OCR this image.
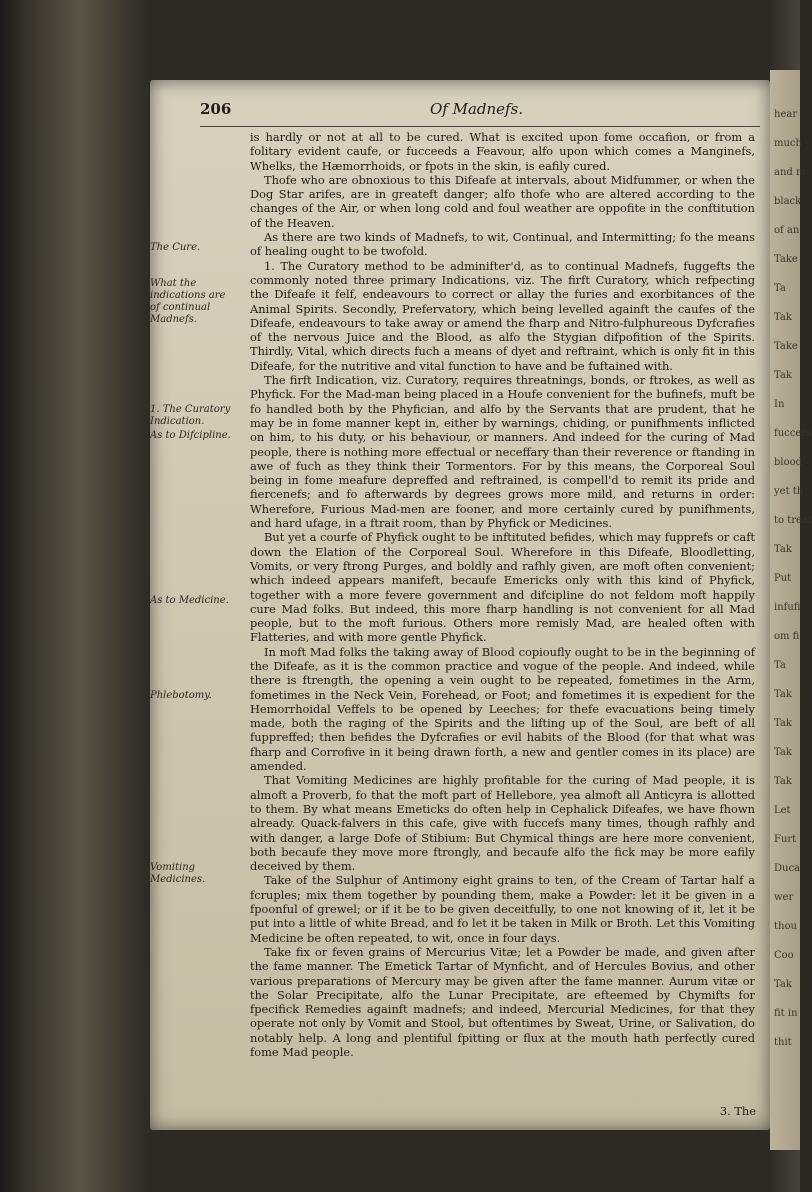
hear
much
and m
black
of an
Take
Ta
Tak
Take
Tak
In
fuccefs
blood
yet th
to treat
Tak
Put
infufi
om fi
Ta
Tak
Tak
Tak
Tak
Let
Furt
Duca
wer
thou
Coo
Tak
fit in
thit
206	Of Madnefs.
The Cure.
What the indications are of continual Madnefs.
1. The Curatory Indication.
As to Difcipline.
As to Medicine.
Phlebotomy.
Vomiting Medicines.

is hardly or not at all to be cured. What is excited upon fome occafion, or from a folitary evident caufe, or fucceeds a Feavour, alfo upon which comes a Manginefs, Whelks, the Hæmorrhoids, or fpots in the skin, is eafily cured.

Thofe who are obnoxious to this Difeafe at intervals, about Midfummer, or when the Dog Star arifes, are in greateft danger; alfo thofe who are altered according to the changes of the Air, or when long cold and foul weather are oppofite in the conftitution of the Heaven.

As there are two kinds of Madnefs, to wit, Continual, and Intermitting; fo the means of healing ought to be twofold.

1. The Curatory method to be adminifter'd, as to continual Madnefs, fuggefts the commonly noted three primary Indications, viz. The firft Curatory, which refpecting the Difeafe it felf, endeavours to correct or allay the furies and exorbitances of the Animal Spirits. Secondly, Prefervatory, which being levelled againft the caufes of the Difeafe, endeavours to take away or amend the fharp and Nitro-fulphureous Dyfcrafies of the nervous Juice and the Blood, as alfo the Stygian difpofition of the Spirits. Thirdly, Vital, which directs fuch a means of dyet and reftraint, which is only fit in this Difeafe, for the nutritive and vital function to have and be fuftained with.

The firft Indication, viz. Curatory, requires threatnings, bonds, or ftrokes, as well as Phyfick. For the Mad-man being placed in a Houfe convenient for the bufinefs, muft be fo handled both by the Phyfician, and alfo by the Servants that are prudent, that he may be in fome manner kept in, either by warnings, chiding, or punifhments inflicted on him, to his duty, or his behaviour, or manners. And indeed for the curing of Mad people, there is nothing more effectual or neceffary than their reverence or ftanding in awe of fuch as they think their Tormentors. For by this means, the Corporeal Soul being in fome meafure depreffed and reftrained, is compell'd to remit its pride and fiercenefs; and fo afterwards by degrees grows more mild, and returns in order: Wherefore, Furious Mad-men are fooner, and more certainly cured by punifhments, and hard ufage, in a ftrait room, than by Phyfick or Medicines.

But yet a courfe of Phyfick ought to be inftituted befides, which may fupprefs or caft down the Elation of the Corporeal Soul. Wherefore in this Difeafe, Bloodletting, Vomits, or very ftrong Purges, and boldly and rafhly given, are moft often convenient; which indeed appears manifeft, becaufe Emericks only with this kind of Phyfick, together with a more fevere government and difcipline do not feldom moft happily cure Mad folks. But indeed, this more fharp handling is not convenient for all Mad people, but to the moft furious. Others more remisly Mad, are healed often with Flatteries, and with more gentle Phyfick.

In moft Mad folks the taking away of Blood copioufly ought to be in the beginning of the Difeafe, as it is the common practice and vogue of the people. And indeed, while there is ftrength, the opening a vein ought to be repeated, fometimes in the Arm, fometimes in the Neck Vein, Forehead, or Foot; and fometimes it is expedient for the Hemorrhoidal Veffels to be opened by Leeches; for thefe evacuations being timely made, both the raging of the Spirits and the lifting up of the Soul, are beft of all fuppreffed; then befides the Dyfcrafies or evil habits of the Blood (for that what was fharp and Corrofive in it being drawn forth, a new and gentler comes in its place) are amended.

That Vomiting Medicines are highly profitable for the curing of Mad people, it is almoft a Proverb, fo that the moft part of Hellebore, yea almoft all Anticyra is allotted to them. By what means Emeticks do often help in Cephalick Difeafes, we have fhown already. Quack-falvers in this cafe, give with fuccefs many times, though rafhly and with danger, a large Dofe of Stibium: But Chymical things are here more convenient, both becaufe they move more ftrongly, and becaufe alfo the fick may be more eafily deceived by them.

Take of the Sulphur of Antimony eight grains to ten, of the Cream of Tartar half a fcruples; mix them together by pounding them, make a Powder: let it be given in a fpoonful of grewel; or if it be to be given deceitfully, to one not knowing of it, let it be put into a little of white Bread, and fo let it be taken in Milk or Broth. Let this Vomiting Medicine be often repeated, to wit, once in four days.

Take fix or feven grains of Mercurius Vitæ; let a Powder be made, and given after the fame manner. The Emetick Tartar of Mynficht, and of Hercules Bovius, and other various preparations of Mercury may be given after the fame manner. Aurum vitæ or the Solar Precipitate, alfo the Lunar Precipitate, are efteemed by Chymifts for fpecifick Remedies againft madnefs; and indeed, Mercurial Medicines, for that they operate not only by Vomit and Stool, but oftentimes by Sweat, Urine, or Salivation, do notably help. A long and plentiful fpitting or flux at the mouth hath perfectly cured fome Mad people.

3. The
